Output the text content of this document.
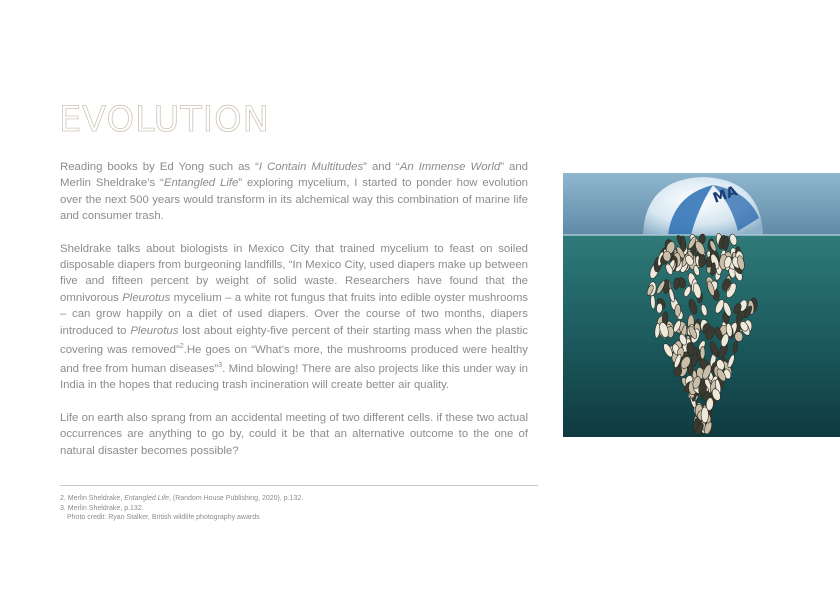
EVOLUTION

Reading books by Ed Yong such as “I Contain Multitudes” and “An Immense World” and Merlin Sheldrake’s “Entangled Life” exploring mycelium, I started to ponder how evolution over the next 500 years would transform in its alchemical way this combination of marine life and consumer trash.

Sheldrake talks about biologists in Mexico City that trained mycelium to feast on soiled disposable diapers from burgeoning landfills, “In Mexico City, used diapers make up between five and fifteen percent by weight of solid waste. Researchers have found that the omnivorous Pleurotus mycelium – a white rot fungus that fruits into edible oyster mushrooms – can grow happily on a diet of used diapers. Over the course of two months, diapers introduced to Pleurotus lost about eighty-five percent of their starting mass when the plastic covering was removed”$^2$.He goes on “What’s more, the mushrooms produced were healthy and free from human diseases”$^3$. Mind blowing! There are also projects like this under way in India in the hopes that reducing trash incineration will create better air quality.

Life on earth also sprang from an accidental meeting of two different cells. if these two actual occurrences are anything to go by, could it be that an alternative outcome to the one of natural disaster becomes possible?

2. Merlin Sheldrake, Entangled Life, (Random House Publishing, 2020), p.132.
3. Merlin Sheldrake, p.132.
Photo credit: Ryan Stalker, British wildlife photography awards
MA
